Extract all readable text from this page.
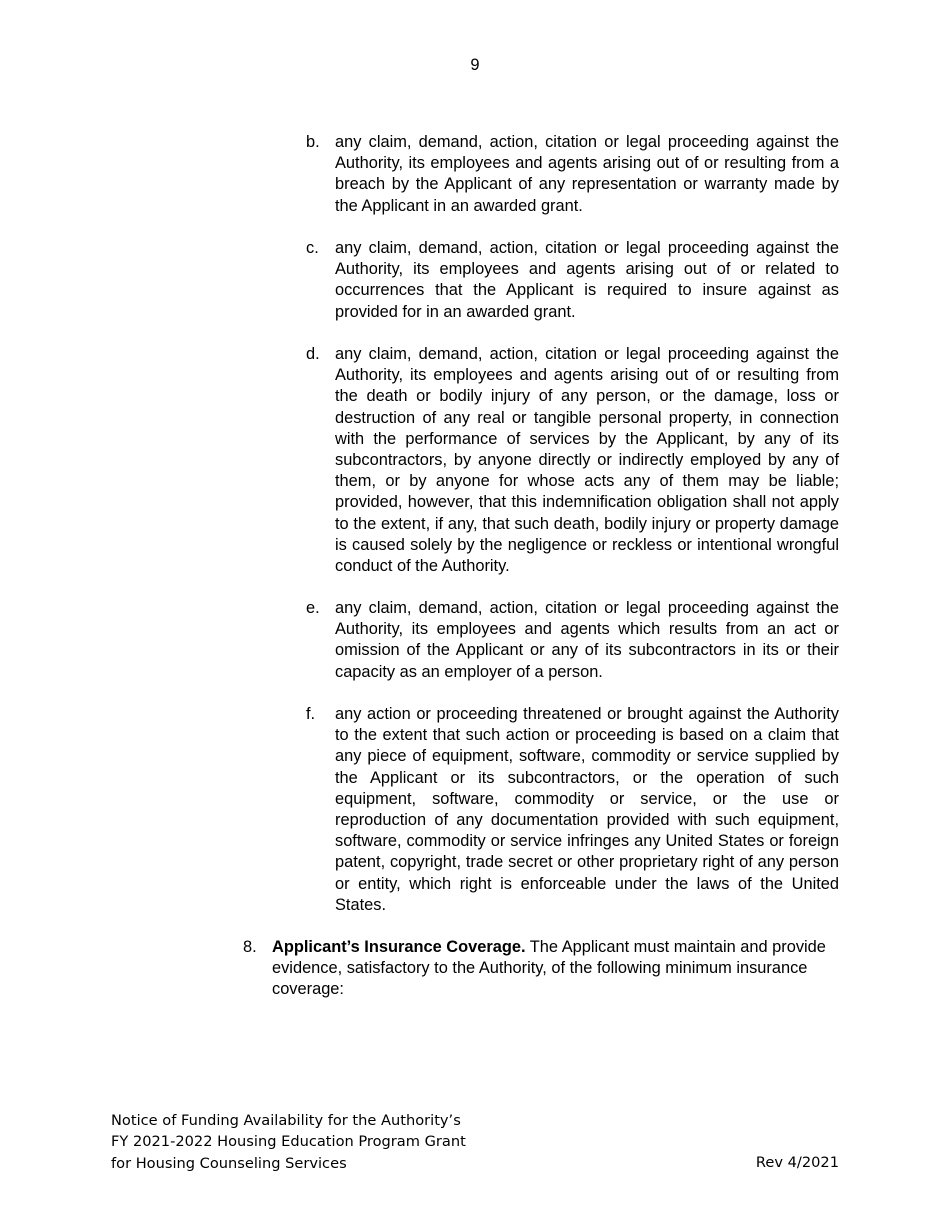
9
b. any claim, demand, action, citation or legal proceeding against the Authority, its employees and agents arising out of or resulting from a breach by the Applicant of any representation or warranty made by the Applicant in an awarded grant.
c. any claim, demand, action, citation or legal proceeding against the Authority, its employees and agents arising out of or related to occurrences that the Applicant is required to insure against as provided for in an awarded grant.
d. any claim, demand, action, citation or legal proceeding against the Authority, its employees and agents arising out of or resulting from the death or bodily injury of any person, or the damage, loss or destruction of any real or tangible personal property, in connection with the performance of services by the Applicant, by any of its subcontractors, by anyone directly or indirectly employed by any of them, or by anyone for whose acts any of them may be liable; provided, however, that this indemnification obligation shall not apply to the extent, if any, that such death, bodily injury or property damage is caused solely by the negligence or reckless or intentional wrongful conduct of the Authority.
e. any claim, demand, action, citation or legal proceeding against the Authority, its employees and agents which results from an act or omission of the Applicant or any of its subcontractors in its or their capacity as an employer of a person.
f. any action or proceeding threatened or brought against the Authority to the extent that such action or proceeding is based on a claim that any piece of equipment, software, commodity or service supplied by the Applicant or its subcontractors, or the operation of such equipment, software, commodity or service, or the use or reproduction of any documentation provided with such equipment, software, commodity or service infringes any United States or foreign patent, copyright, trade secret or other proprietary right of any person or entity, which right is enforceable under the laws of the United States.
8. Applicant’s Insurance Coverage. The Applicant must maintain and provide evidence, satisfactory to the Authority, of the following minimum insurance coverage:
Notice of Funding Availability for the Authority’s
FY 2021-2022 Housing Education Program Grant
for Housing Counseling Services	Rev 4/2021
